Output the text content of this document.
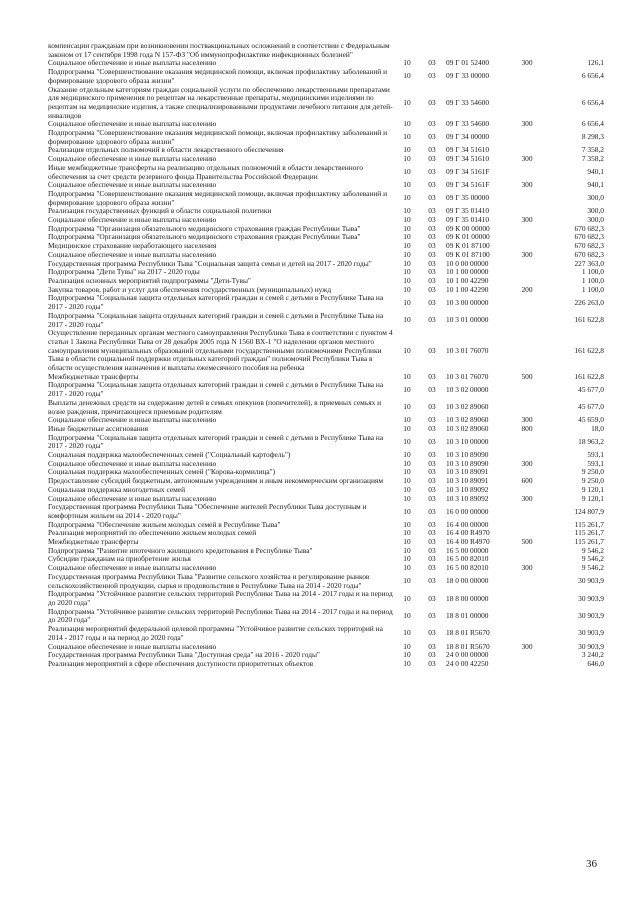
компенсации гражданам при возникновении поствакцинальных осложнений в соответствии с Федеральным законом от 17 сентября 1998 года N 157-ФЗ "Об иммунопрофилактике инфекционных болезней"					
Социальное обеспечение и иные выплаты населению	10	03	09 Г 01 52400	300	126,1
Подпрограмма "Совершенствование оказания медицинской помощи, включая профилактику заболеваний и формирование здорового образа жизни"	10	03	09 Г 33 00000		6 656,4
Оказание отдельным категориям граждан социальной услуги по обеспечению лекарственными препаратами для медицинского применения по рецептам на лекарственные препараты, медицинскими изделиями по рецептам на медицинские изделия, а также специализированными продуктами лечебного питания для детей-инвалидов	10	03	09 Г 33 54600		6 656,4
Социальное обеспечение и иные выплаты населению	10	03	09 Г 33 54600	300	6 656,4
Подпрограмма "Совершенствование оказания медицинской помощи, включая профилактику заболеваний и формирование здорового образа жизни"	10	03	09 Г 34 00000		8 298,3
Реализация отдельных полномочий в области лекарственного обеспечения	10	03	09 Г 34 51610		7 358,2
Социальное обеспечение и иные выплаты населению	10	03	09 Г 34 51610	300	7 358,2
Иные межбюджетные трансферты на реализацию отдельных полномочий в области лекарственного обеспечения за счет средств резервного фонда Правительства Российской Федерации	10	03	09 Г 34 5161F		940,1
Социальное обеспечение и иные выплаты населению	10	03	09 Г 34 5161F	300	940,1
Подпрограмма "Совершенствование оказания медицинской помощи, включая профилактику заболеваний и формирование здорового образа жизни"	10	03	09 Г 35 00000		300,0
Реализация государственных функций в области социальной политики	10	03	09 Г 35 01410		300,0
Социальное обеспечение и иные выплаты населению	10	03	09 Г 35 01410	300	300,0
Подпрограмма "Организация обязательного медицинского страхования граждан Республики Тыва"	10	03	09 К 00 00000		670 682,3
Подпрограмма "Организация обязательного медицинского страхования граждан Республики Тыва"	10	03	09 К 01 00000		670 682,3
Медицинское страхование неработающего населения	10	03	09 К 01 87100		670 682,3
Социальное обеспечение и иные выплаты населению	10	03	09 К 01 87100	300	670 682,3
Государственная программа Республики Тыва "Социальная защита семьи и детей на 2017 - 2020 годы"	10	03	10 0 00 00000		227 363,0
Подпрограмма "Дети Тувы" на 2017 - 2020 годы	10	03	10 1 00 00000		1 100,0
Реализация основных мероприятий подпрограммы "Дети-Тувы"	10	03	10 1 00 42290		1 100,0
Закупка товаров, работ и услуг для обеспечения государственных (муниципальных) нужд	10	03	10 1 00 42290	200	1 100,0
Подпрограмма "Социальная защита отдельных категорий граждан и семей с детьми в Республике Тыва на 2017 - 2020 годы"	10	03	10 3 00 00000		226 263,0
Подпрограмма "Социальная защита отдельных категорий граждан и семей с детьми в Республике Тыва на 2017 - 2020 годы"	10	03	10 3 01 00000		161 622,8
Осуществление переданных органам местного самоуправления Республики Тыва в соответствии с пунктом 4 статьи 1 Закона Республики Тыва от 28 декабря 2005 года N 1560 ВХ-1 "О наделении органов местного самоуправления муниципальных образований отдельными государственными полномочиями Республики Тыва в области социальной поддержки отдельных категорий граждан" полномочий Республики Тыва в области осуществления назначения и выплаты ежемесячного пособия на ребенка	10	03	10 3 01 76070		161 622,8
Межбюджетные трансферты	10	03	10 3 01 76070	500	161 622,8
Подпрограмма "Социальная защита отдельных категорий граждан и семей с детьми в Республике Тыва на 2017 - 2020 годы"	10	03	10 3 02 00000		45 677,0
Выплаты денежных средств на содержание детей в семьях опекунов (попечителей), в приемных семьях и возне раждения, причитающееся приемным родителям	10	03	10 3 02 89060		45 677,0
Социальное обеспечение и иные выплаты населению	10	03	10 3 02 89060	300	45 659,0
Иные бюджетные ассигнования	10	03	10 3 02 89060	800	18,0
Подпрограмма "Социальная защита отдельных категорий граждан и семей с детьми в Республике Тыва на 2017 - 2020 годы"	10	03	10 3 10 00000		18 963,2
Социальная поддержка малообеспеченных семей ("Социальный картофель")	10	03	10 3 10 89090		593,1
Социальное обеспечение и иные выплаты населению	10	03	10 3 10 89090	300	593,1
Социальная поддержка малообеспеченных семей ("Корова-кормилица")	10	03	10 3 10 89091		9 250,0
Предоставление субсидий бюджетным, автономным учреждениям и иным некоммерческим организациям	10	03	10 3 10 89091	600	9 250,0
Социальная поддержка многодетных семей	10	03	10 3 10 89092		9 120,1
Социальное обеспечение и иные выплаты населению	10	03	10 3 10 89092	300	9 120,1
Государственная программа Республики Тыва "Обеспечение жителей Республики Тыва доступным и комфортным жильем на 2014 - 2020 годы"	10	03	16 0 00 00000		124 807,9
Подпрограмма "Обеспечение жильем молодых семей в Республике Тыва"	10	03	16 4 00 00000		115 261,7
Реализация мероприятий по обеспечению жильем молодых семей	10	03	16 4 00 R4970		115 261,7
Межбюджетные трансферты	10	03	16 4 00 R4970	500	115 261,7
Подпрограмма "Развитие ипотечного жилищного кредитования в Республике Тыва"	10	03	16 5 00 00000		9 546,2
Субсидии гражданам на приобретение жилья	10	03	16 5 00 82010		9 546,2
Социальное обеспечение и иные выплаты населению	10	03	16 5 00 82010	300	9 546,2
Государственная программа Республики Тыва "Развитие сельского хозяйства и регулирование рынков сельскохозяйственной продукции, сырья и продовольствия в Республике Тыва на 2014 - 2020 годы"	10	03	18 0 00 00000		30 903,9
Подпрограмма "Устойчивое развитие сельских территорий Республики Тыва на 2014 - 2017 годы и на период до 2020 года"	10	03	18 8 00 00000		30 903,9
Подпрограмма "Устойчивое развитие сельских территорий Республики Тыва на 2014 - 2017 годы и на период до 2020 года"	10	03	18 8 01 00000		30 903,9
Реализация мероприятий федеральной целевой программы "Устойчивое развитие сельских территорий на 2014 - 2017 годы и на период до 2020 года"	10	03	18 8 01 R5670		30 903,9
Социальное обеспечение и иные выплаты населению	10	03	18 8 01 R5670	300	30 903,9
Государственная программа Республики Тыва "Доступная среда" на 2016 - 2020 годы"	10	03	24 0 00 00000		3 240,2
Реализация мероприятий в сфере обеспечения доступности приоритетных объектов	10	03	24 0 00 42250		646,0
36
